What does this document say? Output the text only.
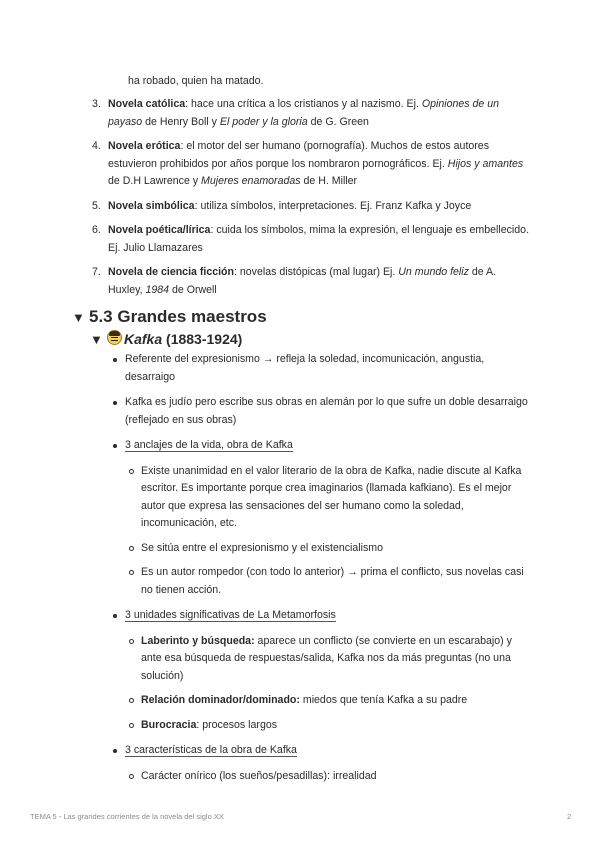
ha robado, quien ha matado.
3. Novela católica: hace una crítica a los cristianos y al nazismo. Ej. Opiniones de un payaso de Henry Boll y El poder y la gloria de G. Green
4. Novela erótica: el motor del ser humano (pornografía). Muchos de estos autores estuvieron prohibidos por años porque los nombraron pornográficos. Ej. Hijos y amantes de D.H Lawrence y Mujeres enamoradas de H. Miller
5. Novela simbólica: utiliza símbolos, interpretaciones. Ej. Franz Kafka y Joyce
6. Novela poética/lírica: cuida los símbolos, mima la expresión, el lenguaje es embellecido. Ej. Julio Llamazares
7. Novela de ciencia ficción: novelas distópicas (mal lugar) Ej. Un mundo feliz de A. Huxley, 1984 de Orwell
▼ 5.3 Grandes maestros
▼ Kafka (1883-1924)
Referente del expresionismo → refleja la soledad, incomunicación, angustia, desarraigo
Kafka es judío pero escribe sus obras en alemán por lo que sufre un doble desarraigo (reflejado en sus obras)
3 anclajes de la vida, obra de Kafka
Existe unanimidad en el valor literario de la obra de Kafka, nadie discute al Kafka escritor. Es importante porque crea imaginarios (llamada kafkiano). Es el mejor autor que expresa las sensaciones del ser humano como la soledad, incomunicación, etc.
Se sitúa entre el expresionismo y el existencialismo
Es un autor rompedor (con todo lo anterior) → prima el conflicto, sus novelas casi no tienen acción.
3 unidades significativas de La Metamorfosis
Laberinto y búsqueda: aparece un conflicto (se convierte en un escarabajo) y ante esa búsqueda de respuestas/salida, Kafka nos da más preguntas (no una solución)
Relación dominador/dominado: miedos que tenía Kafka a su padre
Burocracia: procesos largos
3 características de la obra de Kafka
Carácter onírico (los sueños/pesadillas): irrealidad
TEMA 5 - Las grandes corrientes de la novela del siglo XX	2
